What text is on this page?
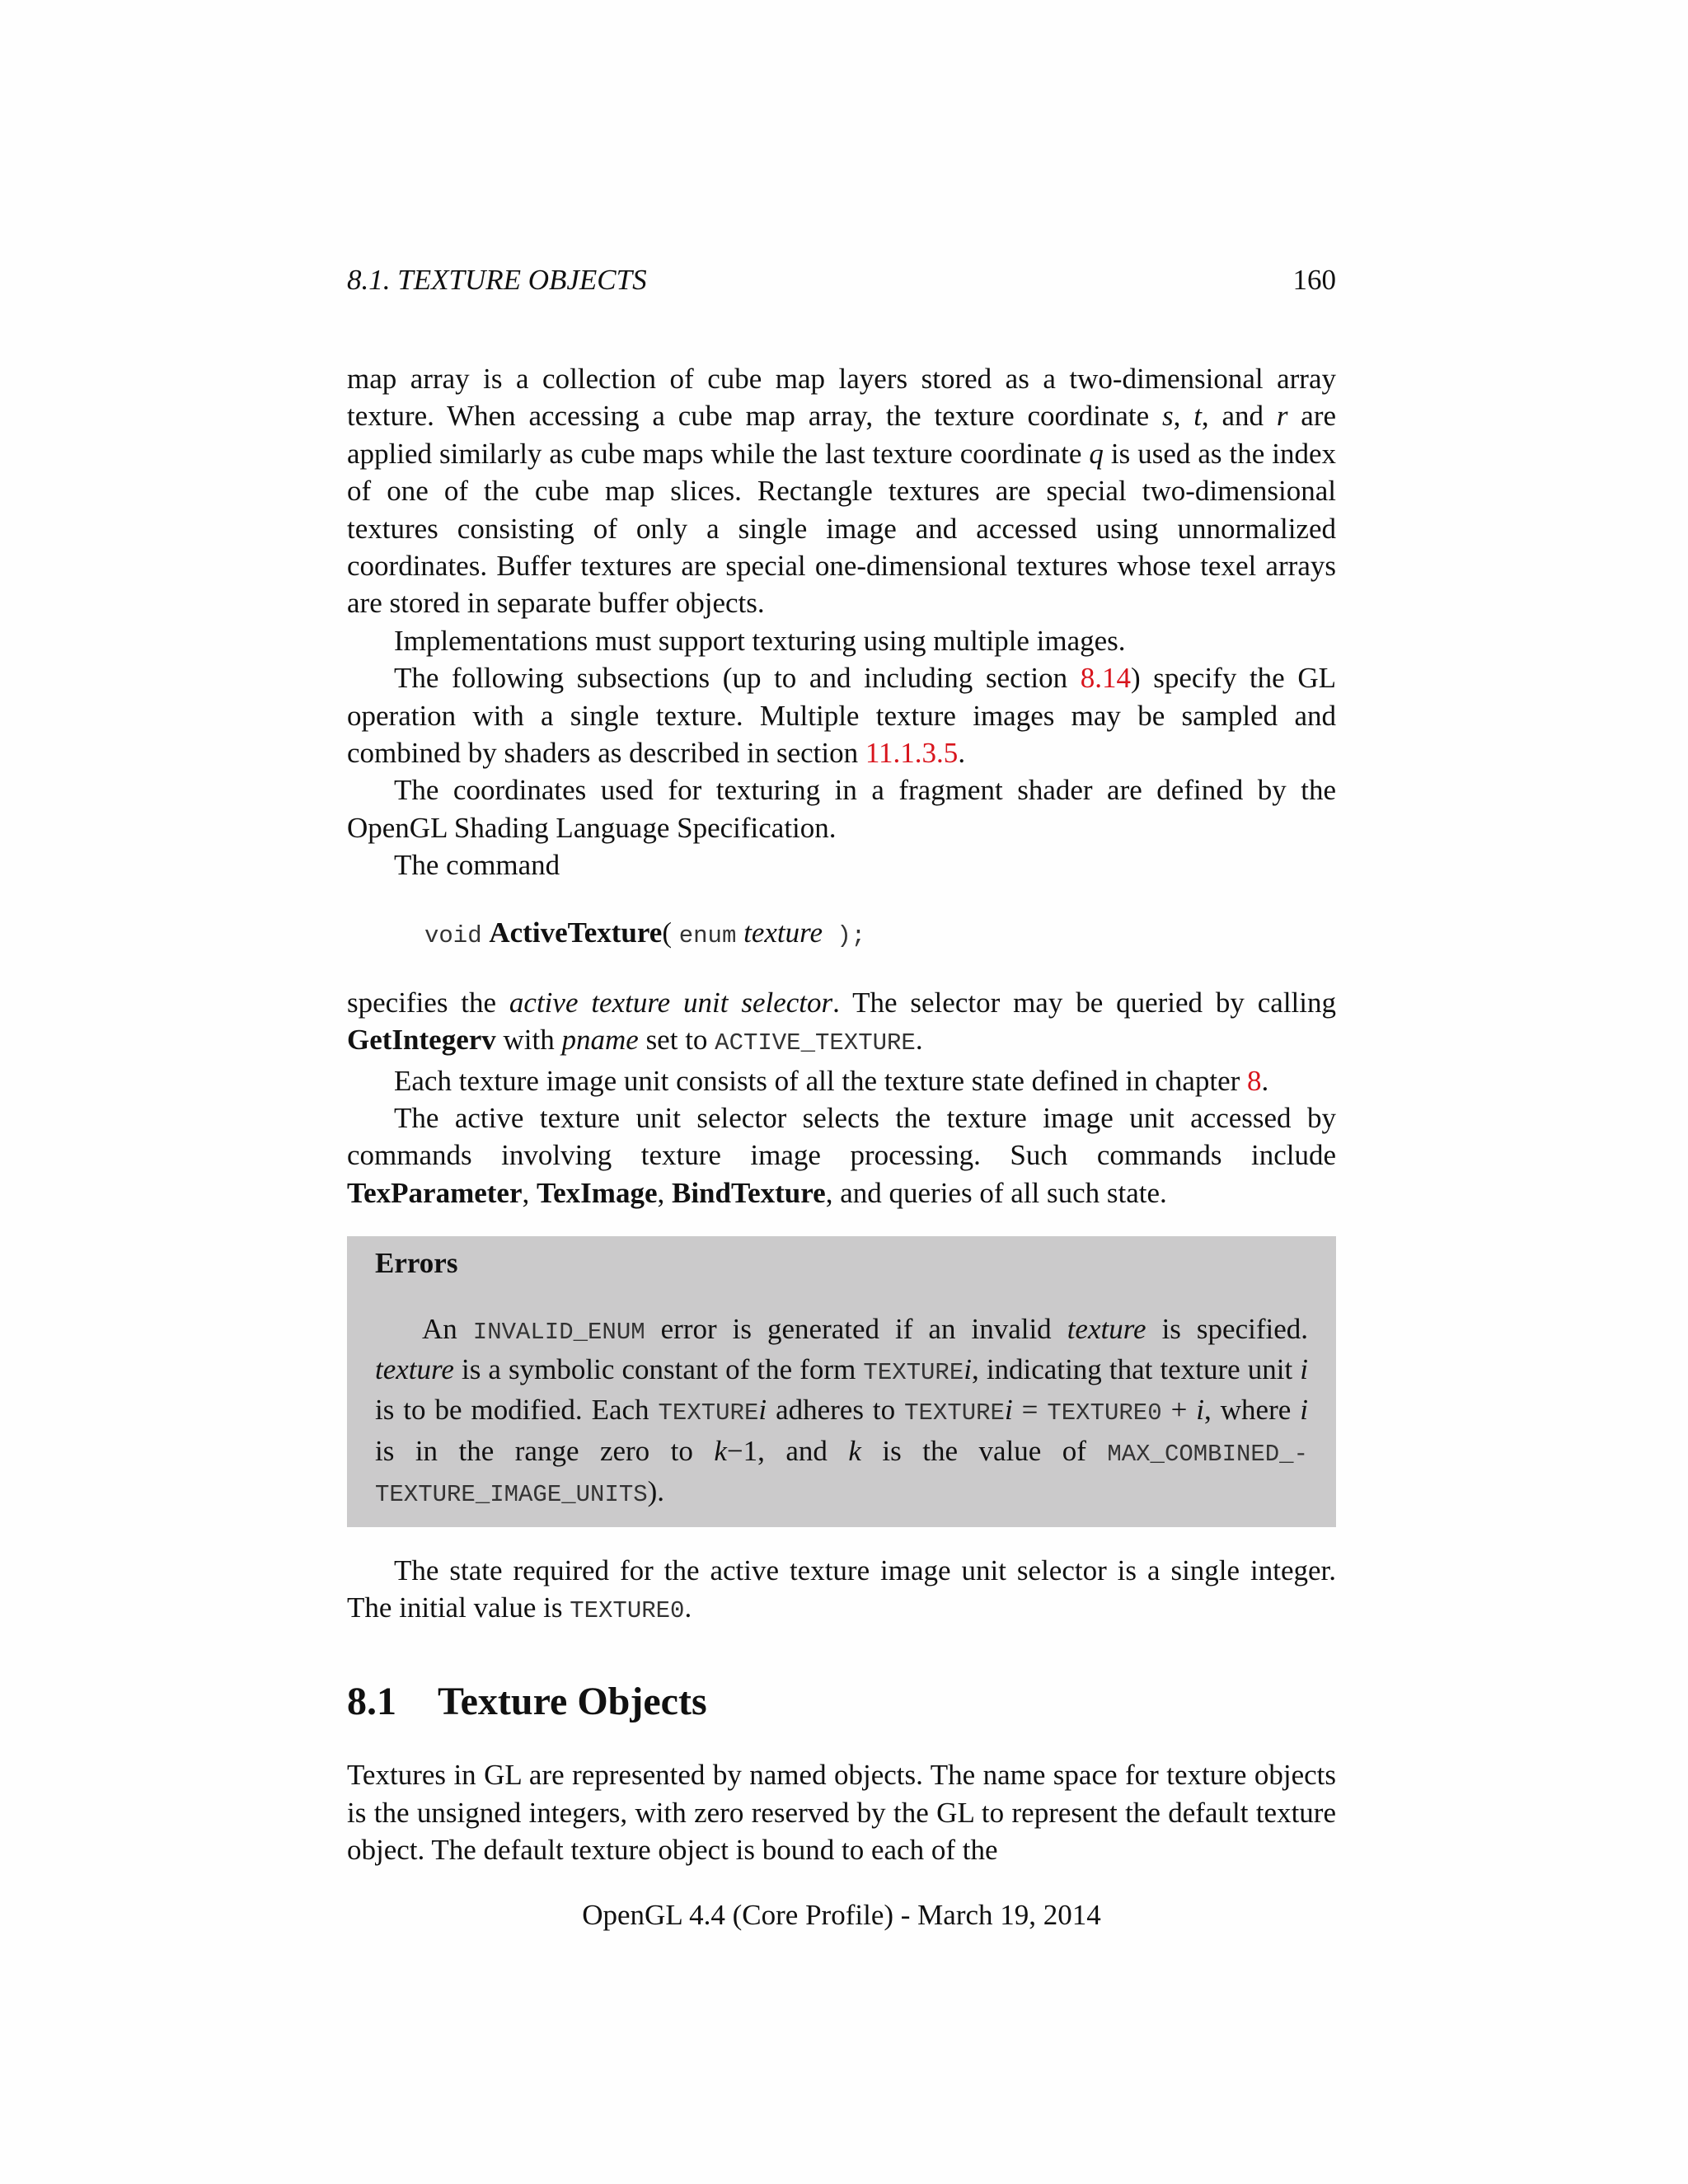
8.1. TEXTURE OBJECTS	160

map array is a collection of cube map layers stored as a two-dimensional array texture. When accessing a cube map array, the texture coordinate s, t, and r are applied similarly as cube maps while the last texture coordinate q is used as the index of one of the cube map slices. Rectangle textures are special two-dimensional textures consisting of only a single image and accessed using unnormalized coordinates. Buffer textures are special one-dimensional textures whose texel arrays are stored in separate buffer objects.

Implementations must support texturing using multiple images.

The following subsections (up to and including section 8.14) specify the GL operation with a single texture. Multiple texture images may be sampled and combined by shaders as described in section 11.1.3.5.

The coordinates used for texturing in a fragment shader are defined by the OpenGL Shading Language Specification.

The command

void ActiveTexture( enum texture );

specifies the active texture unit selector. The selector may be queried by calling GetIntegerv with pname set to ACTIVE_TEXTURE.

Each texture image unit consists of all the texture state defined in chapter 8.

The active texture unit selector selects the texture image unit accessed by commands involving texture image processing. Such commands include TexParameter, TexImage, BindTexture, and queries of all such state.

Errors

An INVALID_ENUM error is generated if an invalid texture is specified. texture is a symbolic constant of the form TEXTUREi, indicating that texture unit i is to be modified. Each TEXTUREi adheres to TEXTUREi = TEXTURE0 + i, where i is in the range zero to k−1, and k is the value of MAX_COMBINED_-TEXTURE_IMAGE_UNITS).

The state required for the active texture image unit selector is a single integer. The initial value is TEXTURE0.

8.1 Texture Objects

Textures in GL are represented by named objects. The name space for texture objects is the unsigned integers, with zero reserved by the GL to represent the default texture object. The default texture object is bound to each of the

OpenGL 4.4 (Core Profile) - March 19, 2014
